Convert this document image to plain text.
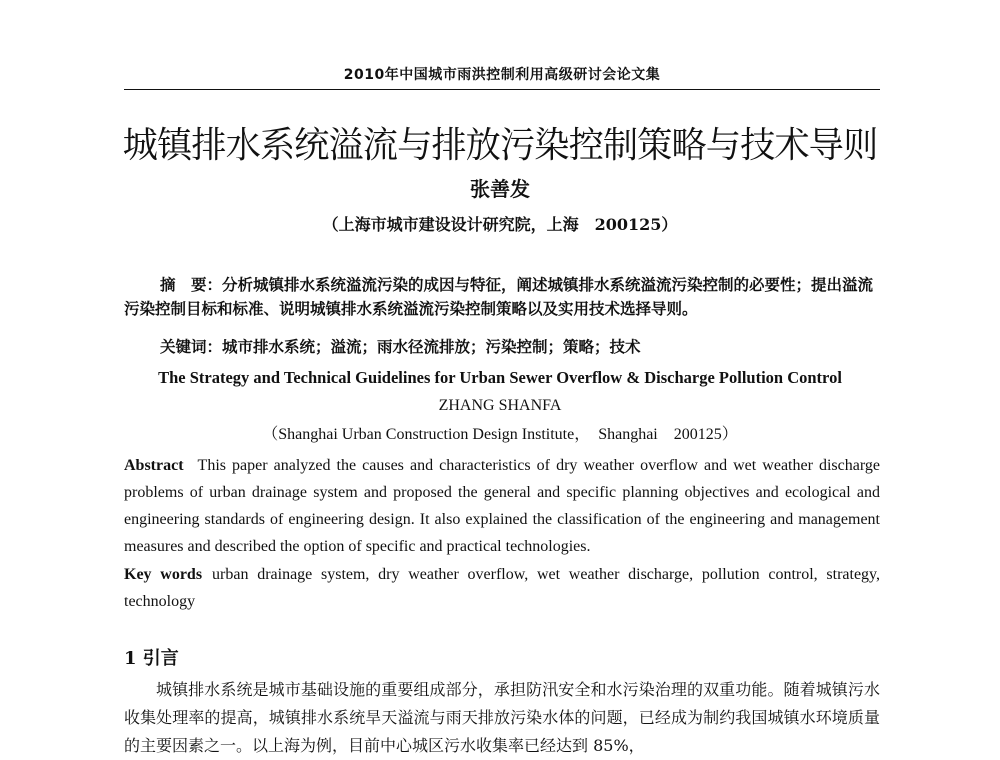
2010年中国城市雨洪控制利用高级研讨会论文集
城镇排水系统溢流与排放污染控制策略与技术导则
张善发
（上海市城市建设设计研究院，上海　200125）
摘　要：分析城镇排水系统溢流污染的成因与特征，阐述城镇排水系统溢流污染控制的必要性；提出溢流污染控制目标和标准、说明城镇排水系统溢流污染控制策略以及实用技术选择导则。
关键词：城市排水系统；溢流；雨水径流排放；污染控制；策略；技术
The Strategy and Technical Guidelines for Urban Sewer Overflow & Discharge Pollution Control
ZHANG SHANFA
（Shanghai Urban Construction Design Institute，　Shanghai　200125）
Abstract This paper analyzed the causes and characteristics of dry weather overflow and wet weather discharge problems of urban drainage system and proposed the general and specific planning objectives and ecological and engineering standards of engineering design. It also explained the classification of the engineering and management measures and described the option of specific and practical technologies.
Key words urban drainage system, dry weather overflow, wet weather discharge, pollution control, strategy, technology
1 引言
城镇排水系统是城市基础设施的重要组成部分，承担防汛安全和水污染治理的双重功能。随着城镇污水收集处理率的提高，城镇排水系统旱天溢流与雨天排放污染水体的问题，已经成为制约我国城镇水环境质量的主要因素之一。以上海为例，目前中心城区污水收集率已经达到 85%，
